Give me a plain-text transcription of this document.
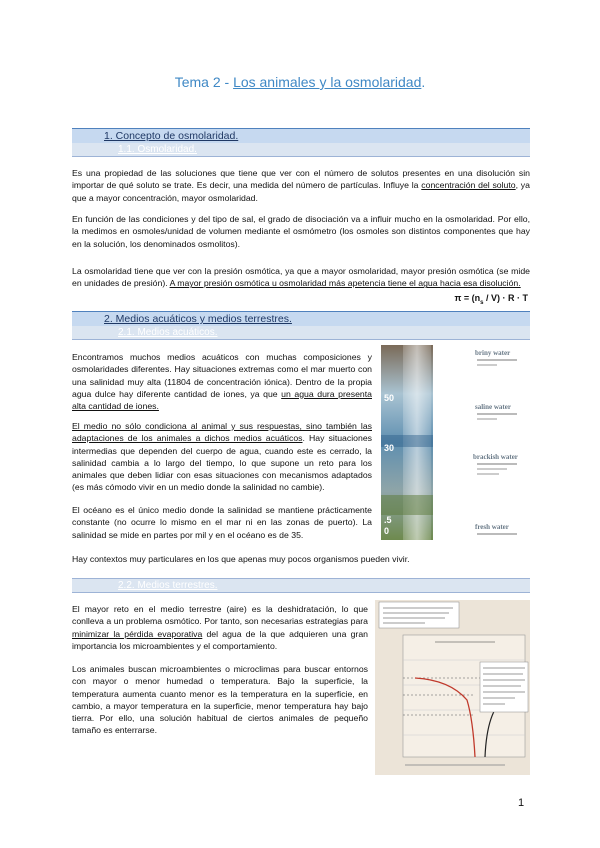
Tema 2 - Los animales y la osmolaridad.
1. Concepto de osmolaridad.
1.1. Osmolaridad.
Es una propiedad de las soluciones que tiene que ver con el número de solutos presentes en una disolución sin importar de qué soluto se trate. Es decir, una medida del número de partículas. Influye la concentración del soluto, ya que a mayor concentración, mayor osmolaridad.
En función de las condiciones y del tipo de sal, el grado de disociación va a influir mucho en la osmolaridad. Por ello, la medimos en osmoles/unidad de volumen mediante el osmómetro (los osmoles son distintos componentes que hay en la solución, los denominados osmolitos).
La osmolaridad tiene que ver con la presión osmótica, ya que a mayor osmolaridad, mayor presión osmótica (se mide en unidades de presión). A mayor presión osmótica u osmolaridad más apetencia tiene el agua hacia esa disolución.
$\pi = (n_s / V) \cdot R \cdot T$
2. Medios acuáticos y medios terrestres.
2.1. Medios acuáticos.
Encontramos muchos medios acuáticos con muchas composiciones y osmolaridades diferentes. Hay situaciones extremas como el mar muerto con una salinidad muy alta (11804 de concentración iónica). Dentro de la propia agua dulce hay diferente cantidad de iones, ya que un agua dura presenta alta cantidad de iones.
El medio no sólo condiciona al animal y sus respuestas, sino también las adaptaciones de los animales a dichos medios acuáticos. Hay situaciones intermedias que dependen del cuerpo de agua, cuando este es cerrado, la salinidad cambia a lo largo del tiempo, lo que supone un reto para los animales que deben lidiar con esas situaciones con mecanismos adaptados (es más cómodo vivir en un medio donde la salinidad no cambie).
El océano es el único medio donde la salinidad se mantiene prácticamente constante (no ocurre lo mismo en el mar ni en las zonas de puerto). La salinidad se mide en partes por mil y en el océano es de 35.
Hay contextos muy particulares en los que apenas muy pocos organismos pueden vivir.
50
30
.5
0
briny water
saline water
brackish water
fresh water
2.2. Medios terrestres.
El mayor reto en el medio terrestre (aire) es la deshidratación, lo que conlleva a un problema osmótico. Por tanto, son necesarias estrategias para minimizar la pérdida evaporativa del agua de la que adquieren una gran importancia los microambientes y el comportamiento.
Los animales buscan microambientes o microclimas para buscar entornos con mayor o menor humedad o temperatura. Bajo la superficie, la temperatura aumenta cuanto menor es la temperatura en la superficie, en cambio, a mayor temperatura en la superficie, menor temperatura hay bajo tierra. Por ello, una solución habitual de ciertos animales de pequeño tamaño es enterrarse.
1
